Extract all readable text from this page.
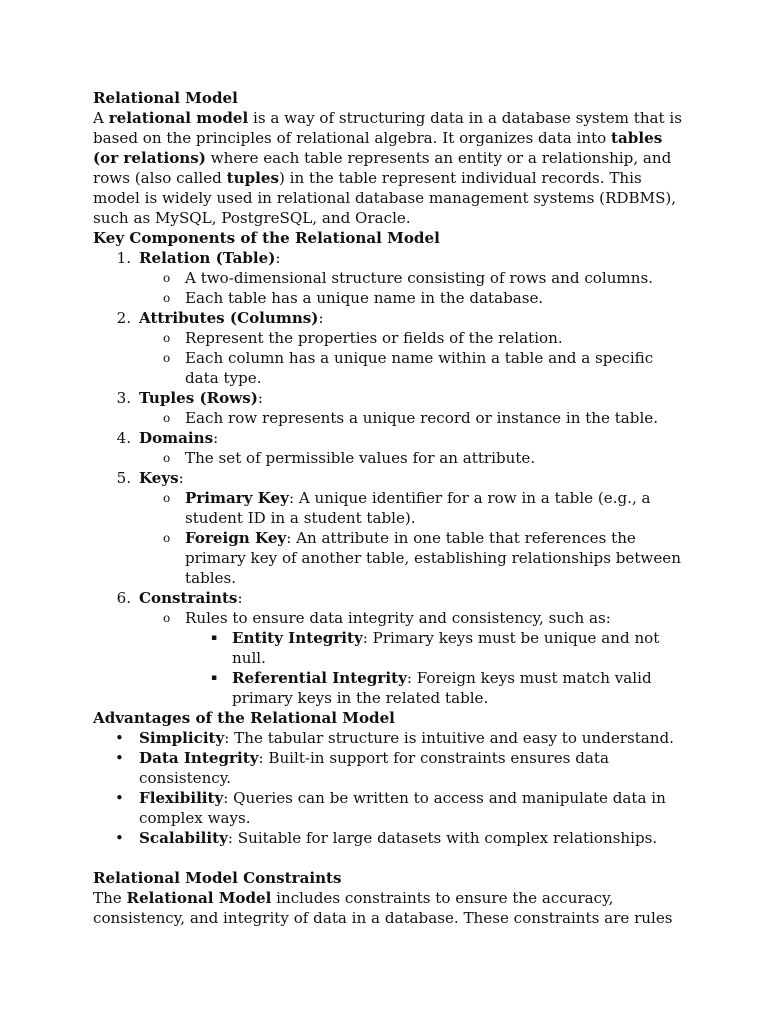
Relational Model

A relational model is a way of structuring data in a database system that is based on the principles of relational algebra. It organizes data into tables (or relations) where each table represents an entity or a relationship, and rows (also called tuples) in the table represent individual records. This model is widely used in relational database management systems (RDBMS), such as MySQL, PostgreSQL, and Oracle.

Key Components of the Relational Model

1. Relation (Table):
o A two-dimensional structure consisting of rows and columns.
o Each table has a unique name in the database.
2. Attributes (Columns):
o Represent the properties or fields of the relation.
o Each column has a unique name within a table and a specific data type.
3. Tuples (Rows):
o Each row represents a unique record or instance in the table.
4. Domains:
o The set of permissible values for an attribute.
5. Keys:
o Primary Key: A unique identifier for a row in a table (e.g., a student ID in a student table).
o Foreign Key: An attribute in one table that references the primary key of another table, establishing relationships between tables.
6. Constraints:
o Rules to ensure data integrity and consistency, such as:
▪ Entity Integrity: Primary keys must be unique and not null.
▪ Referential Integrity: Foreign keys must match valid primary keys in the related table.

Advantages of the Relational Model

• Simplicity: The tabular structure is intuitive and easy to understand.
• Data Integrity: Built-in support for constraints ensures data consistency.
• Flexibility: Queries can be written to access and manipulate data in complex ways.
• Scalability: Suitable for large datasets with complex relationships.

Relational Model Constraints

The Relational Model includes constraints to ensure the accuracy, consistency, and integrity of data in a database. These constraints are rules
